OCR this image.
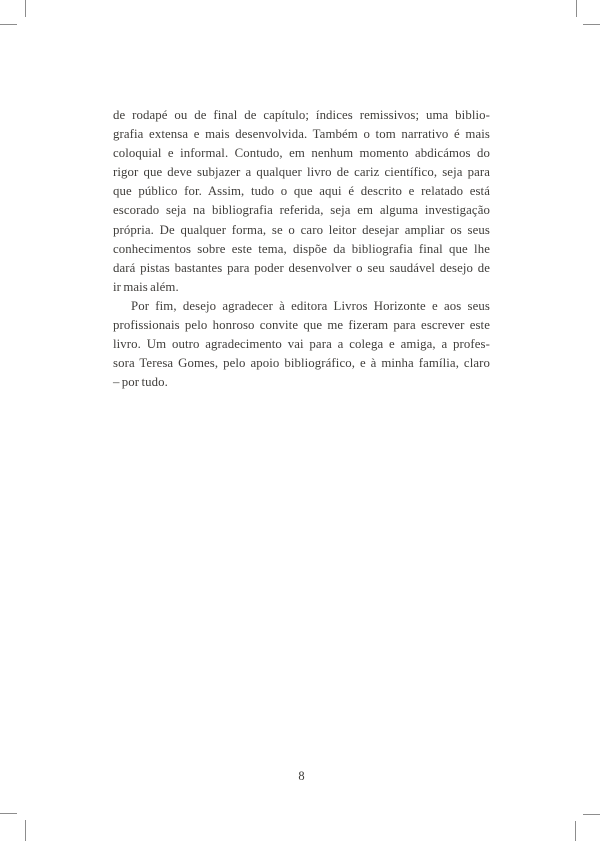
de rodapé ou de final de capítulo; índices remissivos; uma biblio-
grafia extensa e mais desenvolvida. Também o tom narrativo é mais
coloquial e informal. Contudo, em nenhum momento abdicámos do
rigor que deve subjazer a qualquer livro de cariz científico, seja para
que público for. Assim, tudo o que aqui é descrito e relatado está
escorado seja na bibliografia referida, seja em alguma investigação
própria. De qualquer forma, se o caro leitor desejar ampliar os seus
conhecimentos sobre este tema, dispõe da bibliografia final que lhe
dará pistas bastantes para poder desenvolver o seu saudável desejo de
ir mais além.
Por fim, desejo agradecer à editora Livros Horizonte e aos seus
profissionais pelo honroso convite que me fizeram para escrever este
livro. Um outro agradecimento vai para a colega e amiga, a profes-
sora Teresa Gomes, pelo apoio bibliográfico, e à minha família, claro
– por tudo.
8
